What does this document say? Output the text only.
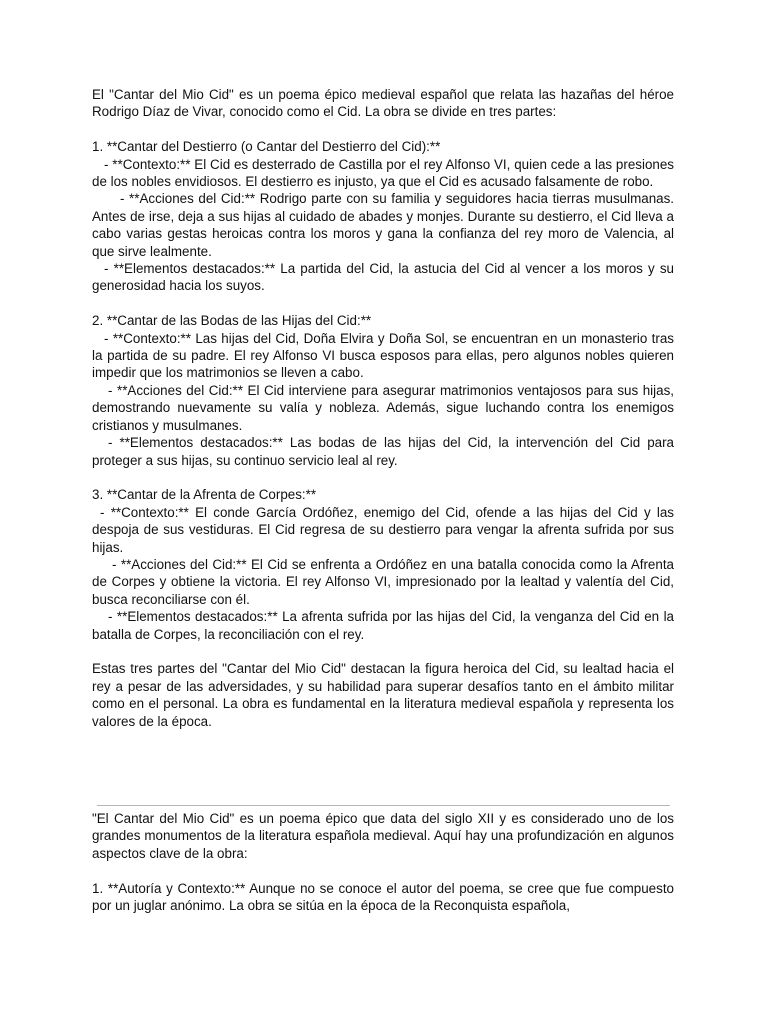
El "Cantar del Mio Cid" es un poema épico medieval español que relata las hazañas del héroe Rodrigo Díaz de Vivar, conocido como el Cid. La obra se divide en tres partes:

1. **Cantar del Destierro (o Cantar del Destierro del Cid):**

- **Contexto:** El Cid es desterrado de Castilla por el rey Alfonso VI, quien cede a las presiones de los nobles envidiosos. El destierro es injusto, ya que el Cid es acusado falsamente de robo.

- **Acciones del Cid:** Rodrigo parte con su familia y seguidores hacia tierras musulmanas. Antes de irse, deja a sus hijas al cuidado de abades y monjes. Durante su destierro, el Cid lleva a cabo varias gestas heroicas contra los moros y gana la confianza del rey moro de Valencia, al que sirve lealmente.

- **Elementos destacados:** La partida del Cid, la astucia del Cid al vencer a los moros y su generosidad hacia los suyos.

2. **Cantar de las Bodas de las Hijas del Cid:**

- **Contexto:** Las hijas del Cid, Doña Elvira y Doña Sol, se encuentran en un monasterio tras la partida de su padre. El rey Alfonso VI busca esposos para ellas, pero algunos nobles quieren impedir que los matrimonios se lleven a cabo.

- **Acciones del Cid:** El Cid interviene para asegurar matrimonios ventajosos para sus hijas, demostrando nuevamente su valía y nobleza. Además, sigue luchando contra los enemigos cristianos y musulmanes.

- **Elementos destacados:** Las bodas de las hijas del Cid, la intervención del Cid para proteger a sus hijas, su continuo servicio leal al rey.

3. **Cantar de la Afrenta de Corpes:**

- **Contexto:** El conde García Ordóñez, enemigo del Cid, ofende a las hijas del Cid y las despoja de sus vestiduras. El Cid regresa de su destierro para vengar la afrenta sufrida por sus hijas.

- **Acciones del Cid:** El Cid se enfrenta a Ordóñez en una batalla conocida como la Afrenta de Corpes y obtiene la victoria. El rey Alfonso VI, impresionado por la lealtad y valentía del Cid, busca reconciliarse con él.

- **Elementos destacados:** La afrenta sufrida por las hijas del Cid, la venganza del Cid en la batalla de Corpes, la reconciliación con el rey.

Estas tres partes del "Cantar del Mio Cid" destacan la figura heroica del Cid, su lealtad hacia el rey a pesar de las adversidades, y su habilidad para superar desafíos tanto en el ámbito militar como en el personal. La obra es fundamental en la literatura medieval española y representa los valores de la época.

"El Cantar del Mio Cid" es un poema épico que data del siglo XII y es considerado uno de los grandes monumentos de la literatura española medieval. Aquí hay una profundización en algunos aspectos clave de la obra:

1. **Autoría y Contexto:** Aunque no se conoce el autor del poema, se cree que fue compuesto por un juglar anónimo. La obra se sitúa en la época de la Reconquista española,
